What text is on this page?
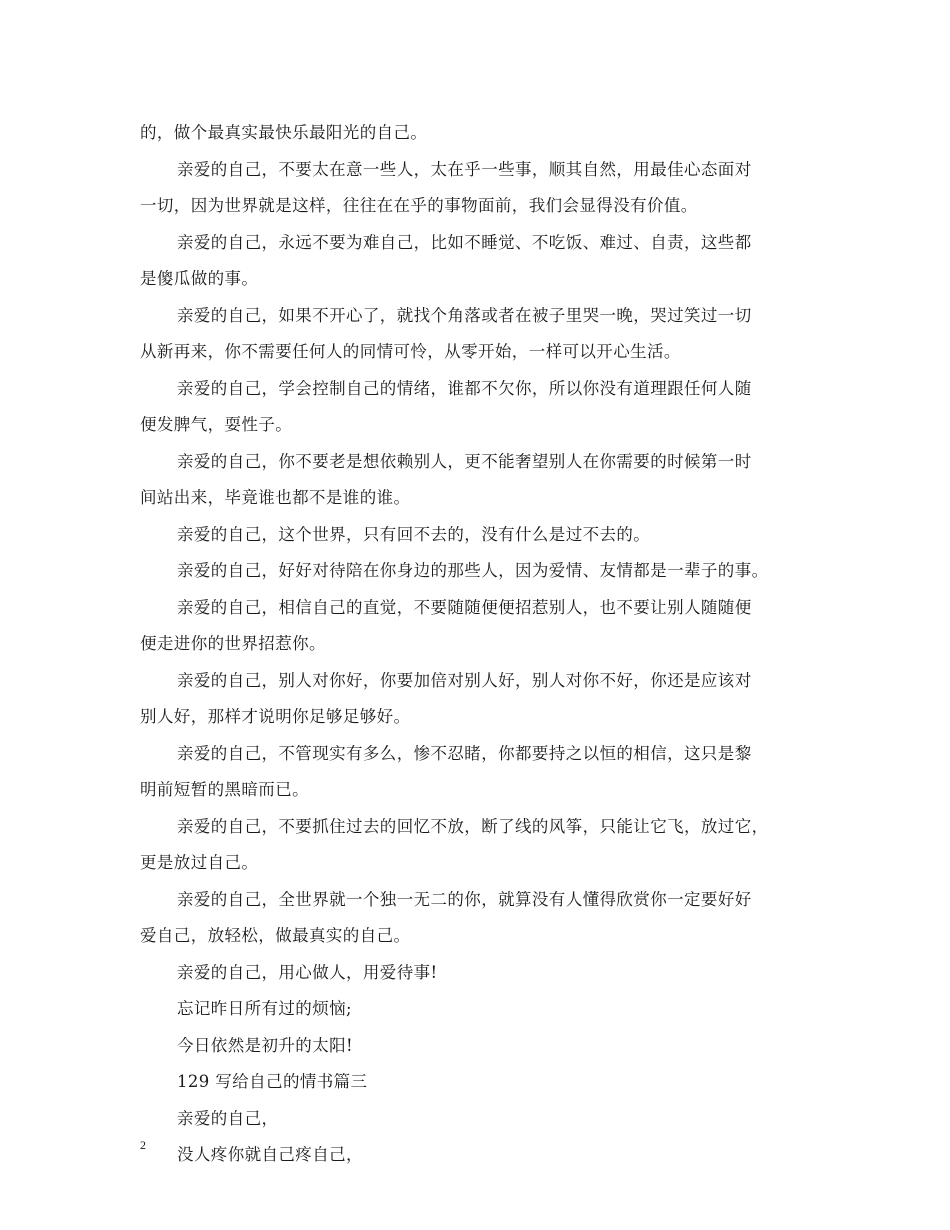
的，做个最真实最快乐最阳光的自己。
亲爱的自己，不要太在意一些人，太在乎一些事，顺其自然，用最佳心态面对
一切，因为世界就是这样，往往在在乎的事物面前，我们会显得没有价值。
亲爱的自己，永远不要为难自己，比如不睡觉、不吃饭、难过、自责，这些都
是傻瓜做的事。
亲爱的自己，如果不开心了，就找个角落或者在被子里哭一晚，哭过笑过一切
从新再来，你不需要任何人的同情可怜，从零开始，一样可以开心生活。
亲爱的自己，学会控制自己的情绪，谁都不欠你，所以你没有道理跟任何人随
便发脾气，耍性子。
亲爱的自己，你不要老是想依赖别人，更不能奢望别人在你需要的时候第一时
间站出来，毕竟谁也都不是谁的谁。
亲爱的自己，这个世界，只有回不去的，没有什么是过不去的。
亲爱的自己，好好对待陪在你身边的那些人，因为爱情、友情都是一辈子的事。
亲爱的自己，相信自己的直觉，不要随随便便招惹别人，也不要让别人随随便
便走进你的世界招惹你。
亲爱的自己，别人对你好，你要加倍对别人好，别人对你不好，你还是应该对
别人好，那样才说明你足够足够好。
亲爱的自己，不管现实有多么，惨不忍睹，你都要持之以恒的相信，这只是黎
明前短暂的黑暗而已。
亲爱的自己，不要抓住过去的回忆不放，断了线的风筝，只能让它飞，放过它，
更是放过自己。
亲爱的自己，全世界就一个独一无二的你，就算没有人懂得欣赏你一定要好好
爱自己，放轻松，做最真实的自己。
亲爱的自己，用心做人，用爱待事!
忘记昨日所有过的烦恼;
今日依然是初升的太阳!
129 写给自己的情书篇三
亲爱的自己，
没人疼你就自己疼自己，
2
